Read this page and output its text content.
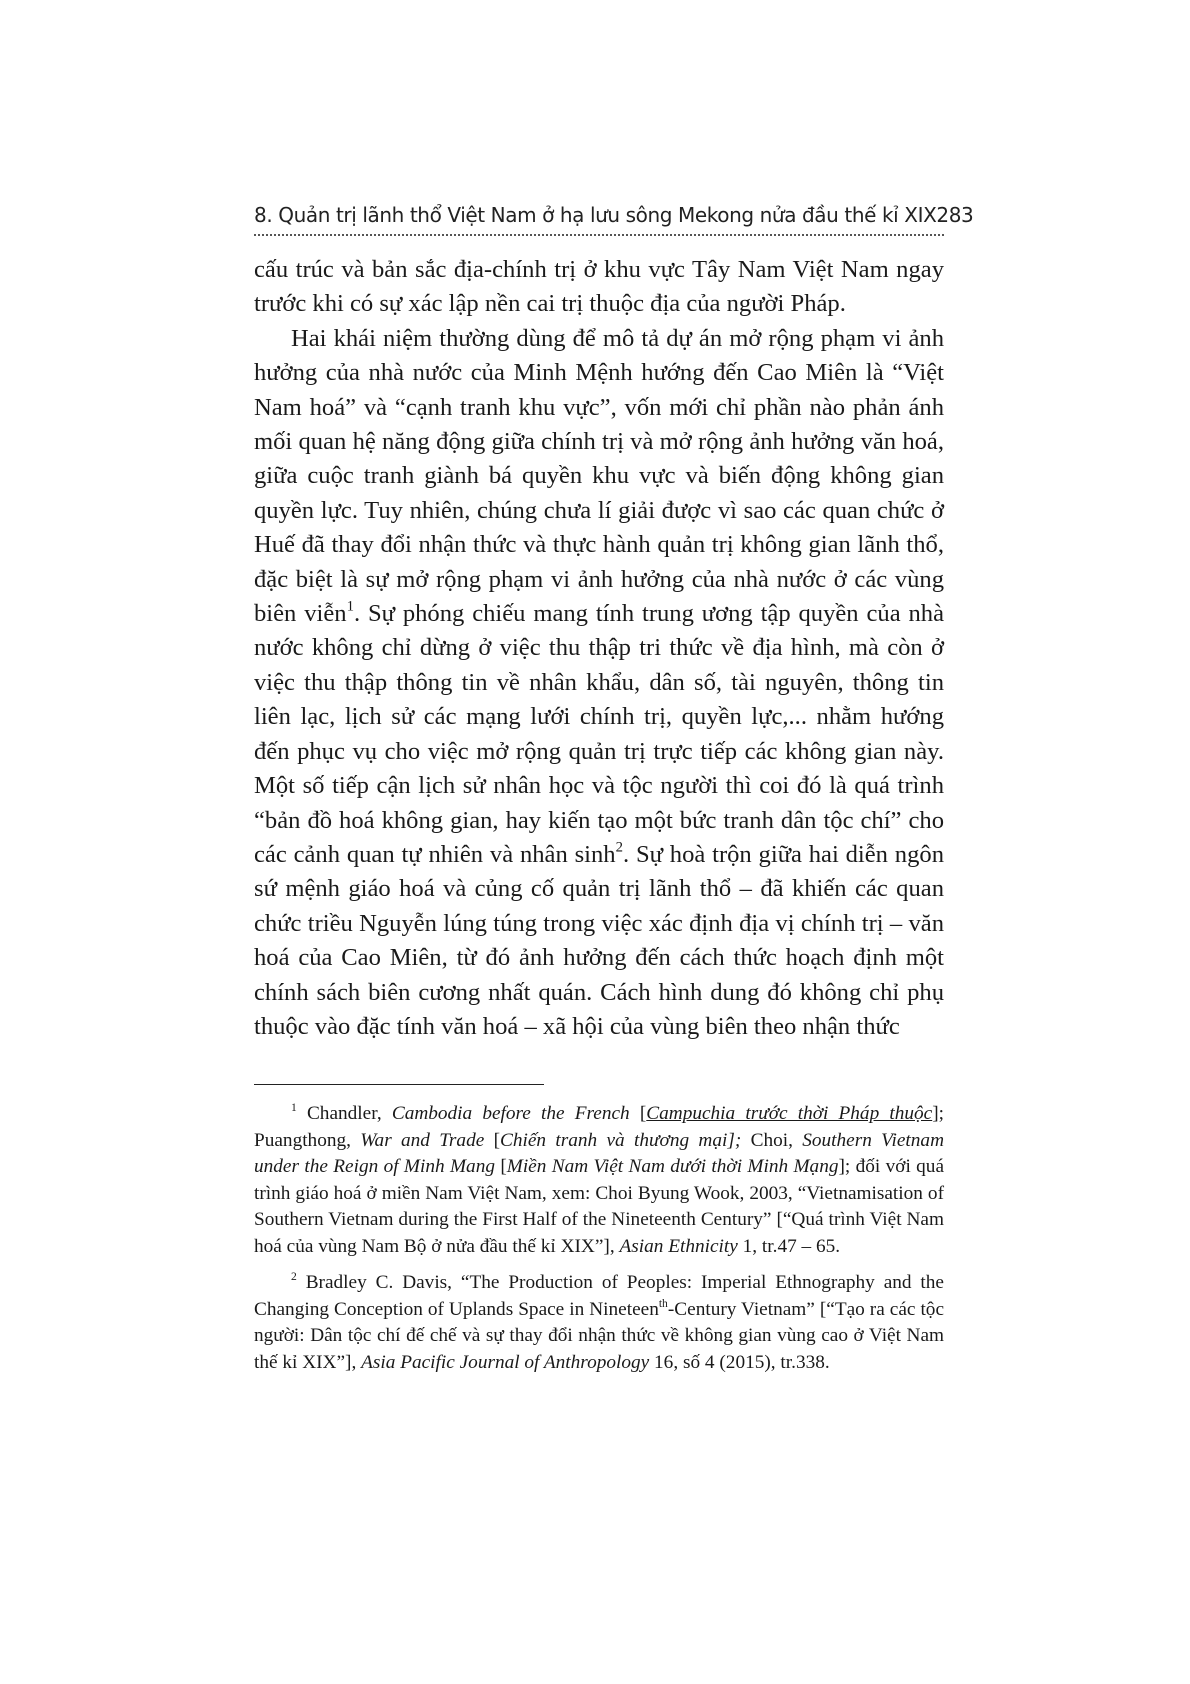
8. Quản trị lãnh thổ Việt Nam ở hạ lưu sông Mekong nửa đầu thế kỉ XIX 283

cấu trúc và bản sắc địa-chính trị ở khu vực Tây Nam Việt Nam ngay trước khi có sự xác lập nền cai trị thuộc địa của người Pháp.

Hai khái niệm thường dùng để mô tả dự án mở rộng phạm vi ảnh hưởng của nhà nước của Minh Mệnh hướng đến Cao Miên là “Việt Nam hoá” và “cạnh tranh khu vực”, vốn mới chỉ phần nào phản ánh mối quan hệ năng động giữa chính trị và mở rộng ảnh hưởng văn hoá, giữa cuộc tranh giành bá quyền khu vực và biến động không gian quyền lực. Tuy nhiên, chúng chưa lí giải được vì sao các quan chức ở Huế đã thay đổi nhận thức và thực hành quản trị không gian lãnh thổ, đặc biệt là sự mở rộng phạm vi ảnh hưởng của nhà nước ở các vùng biên viễn$^1$. Sự phóng chiếu mang tính trung ương tập quyền của nhà nước không chỉ dừng ở việc thu thập tri thức về địa hình, mà còn ở việc thu thập thông tin về nhân khẩu, dân số, tài nguyên, thông tin liên lạc, lịch sử các mạng lưới chính trị, quyền lực,... nhằm hướng đến phục vụ cho việc mở rộng quản trị trực tiếp các không gian này. Một số tiếp cận lịch sử nhân học và tộc người thì coi đó là quá trình “bản đồ hoá không gian, hay kiến tạo một bức tranh dân tộc chí” cho các cảnh quan tự nhiên và nhân $\sinh^2$. Sự hoà trộn giữa hai diễn ngôn sứ mệnh giáo hoá và củng cố quản trị lãnh thổ – đã khiến các quan chức triều Nguyễn lúng túng trong việc xác định địa vị chính trị – văn hoá của Cao Miên, từ đó ảnh hưởng đến cách thức hoạch định một chính sách biên cương nhất quán. Cách hình dung đó không chỉ phụ thuộc vào đặc tính văn hoá – xã hội của vùng biên theo nhận thức

$^1$ Chandler, Cambodia before the French [Campuchia trước thời Pháp thuộc]; Puangthong, War and Trade [Chiến tranh và thương mại]; Choi, Southern Vietnam under the Reign of Minh Mang [Miền Nam Việt Nam dưới thời Minh Mạng]; đối với quá trình giáo hoá ở miền Nam Việt Nam, xem: Choi Byung Wook, 2003, “Vietnamisation of Southern Vietnam during the First Half of the Nineteenth Century” [“Quá trình Việt Nam hoá của vùng Nam Bộ ở nửa đầu thế kỉ XIX”], Asian Ethnicity 1, tr.47 – 65.

$^2$ Bradley C. Davis, “The Production of Peoples: Imperial Ethnography and the Changing Conception of Uplands Space in Nineteen$^{th}$-Century Vietnam” [“Tạo ra các tộc người: Dân tộc chí đế chế và sự thay đổi nhận thức về không gian vùng cao ở Việt Nam thế kỉ XIX”], Asia Pacific Journal of Anthropology 16, số 4 (2015), tr.338.
